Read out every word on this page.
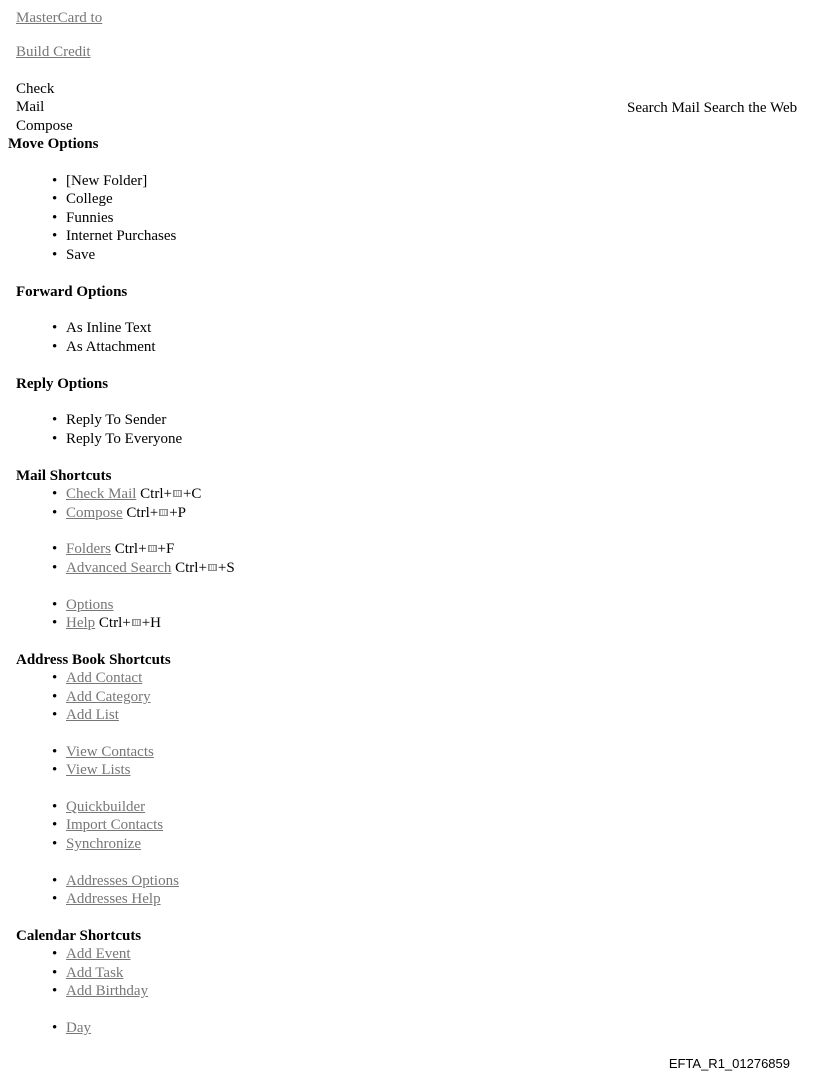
MasterCard to
Build Credit
Check
Mail
Compose
Search Mail Search the Web
Move Options
• [New Folder]
• College
• Funnies
• Internet Purchases
• Save
Forward Options
• As Inline Text
• As Attachment
Reply Options
• Reply To Sender
• Reply To Everyone
Mail Shortcuts
• Check Mail Ctrl+ +C
• Compose Ctrl+ +P
• Folders Ctrl+ +F
• Advanced Search Ctrl+ +S
• Options
• Help Ctrl+ +H
Address Book Shortcuts
• Add Contact
• Add Category
• Add List
• View Contacts
• View Lists
• Quickbuilder
• Import Contacts
• Synchronize
• Addresses Options
• Addresses Help
Calendar Shortcuts
• Add Event
• Add Task
• Add Birthday
• Day
EFTA_R1_01276859
